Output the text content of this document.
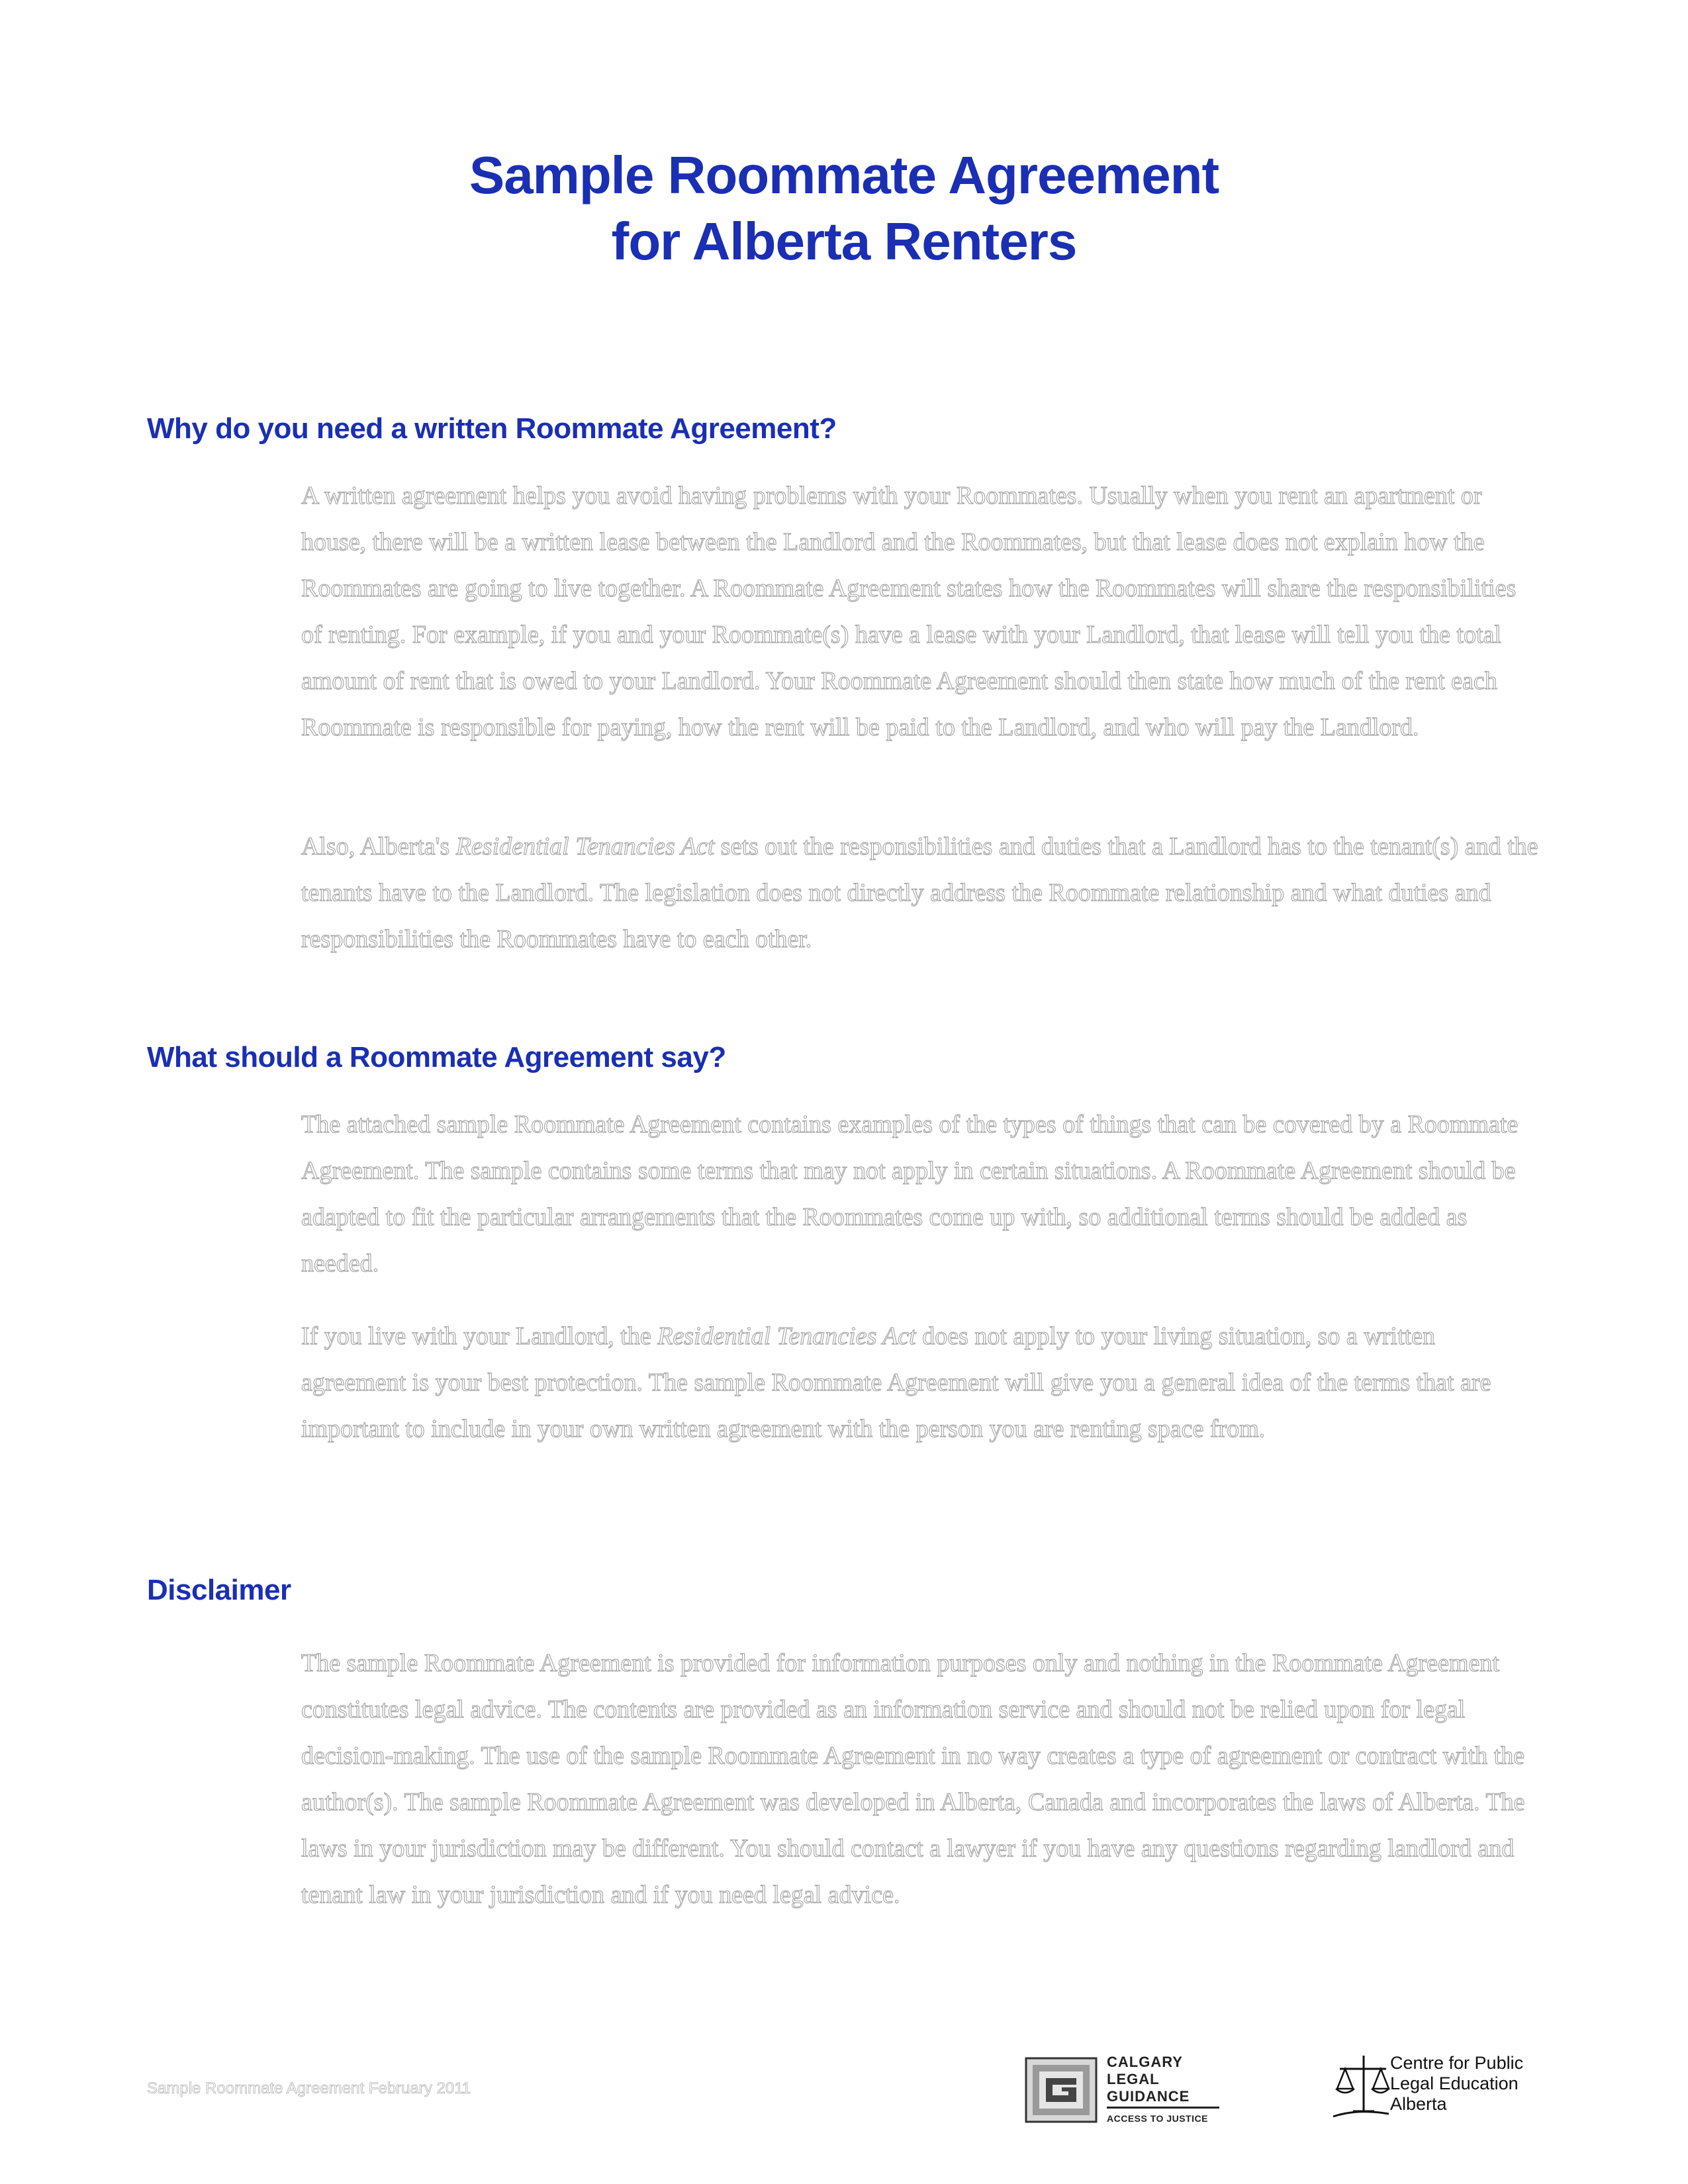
Sample Roommate Agreement
for Alberta Renters
Why do you need a written Roommate Agreement?

A written agreement helps you avoid having problems with your Roommates. Usually when you rent an apartment or house, there will be a written lease between the Landlord and the Roommates, but that lease does not explain how the Roommates are going to live together. A Roommate Agreement states how the Roommates will share the responsibilities of renting. For example, if you and your Roommate(s) have a lease with your Landlord, that lease will tell you the total amount of rent that is owed to your Landlord. Your Roommate Agreement should then state how much of the rent each Roommate is responsible for paying, how the rent will be paid to the Landlord, and who will pay the Landlord.

Also, Alberta's Residential Tenancies Act sets out the responsibilities and duties that a Landlord has to the tenant(s) and the tenants have to the Landlord. The legislation does not directly address the Roommate relationship and what duties and responsibilities the Roommates have to each other.

What should a Roommate Agreement say?

The attached sample Roommate Agreement contains examples of the types of things that can be covered by a Roommate Agreement. The sample contains some terms that may not apply in certain situations. A Roommate Agreement should be adapted to fit the particular arrangements that the Roommates come up with, so additional terms should be added as needed.

If you live with your Landlord, the Residential Tenancies Act does not apply to your living situation, so a written agreement is your best protection. The sample Roommate Agreement will give you a general idea of the terms that are important to include in your own written agreement with the person you are renting space from.

Disclaimer

The sample Roommate Agreement is provided for information purposes only and nothing in the Roommate Agreement constitutes legal advice. The contents are provided as an information service and should not be relied upon for legal decision-making. The use of the sample Roommate Agreement in no way creates a type of agreement or contract with the author(s). The sample Roommate Agreement was developed in Alberta, Canada and incorporates the laws of Alberta. The laws in your jurisdiction may be different. You should contact a lawyer if you have any questions regarding landlord and tenant law in your jurisdiction and if you need legal advice.

Sample Roommate Agreement February 2011
CALGARY
LEGAL
GUIDANCE
ACCESS TO JUSTICE
Centre for Public
Legal Education
Alberta
